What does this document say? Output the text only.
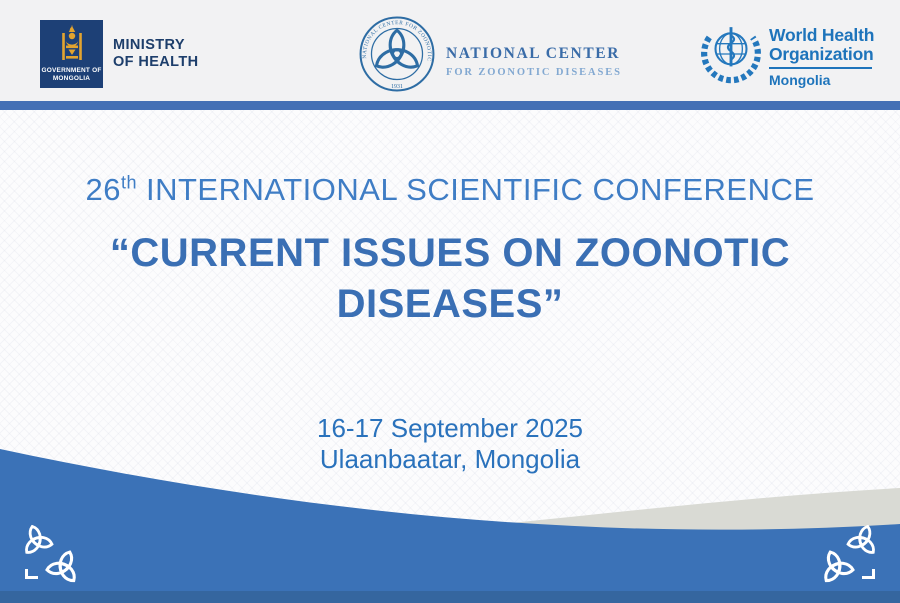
GOVERNMENT OF
MONGOLIA
MINISTRY
OF HEALTH	NATIONAL CENTER FOR ZOONOTIC DISEASES
1931
NATIONAL CENTER
FOR ZOONOTIC DISEASES
World Health
Organization
Mongolia
26th INTERNATIONAL SCIENTIFIC CONFERENCE
“CURRENT ISSUES ON ZOONOTIC
DISEASES”
16-17 September 2025
Ulaanbaatar, Mongolia
